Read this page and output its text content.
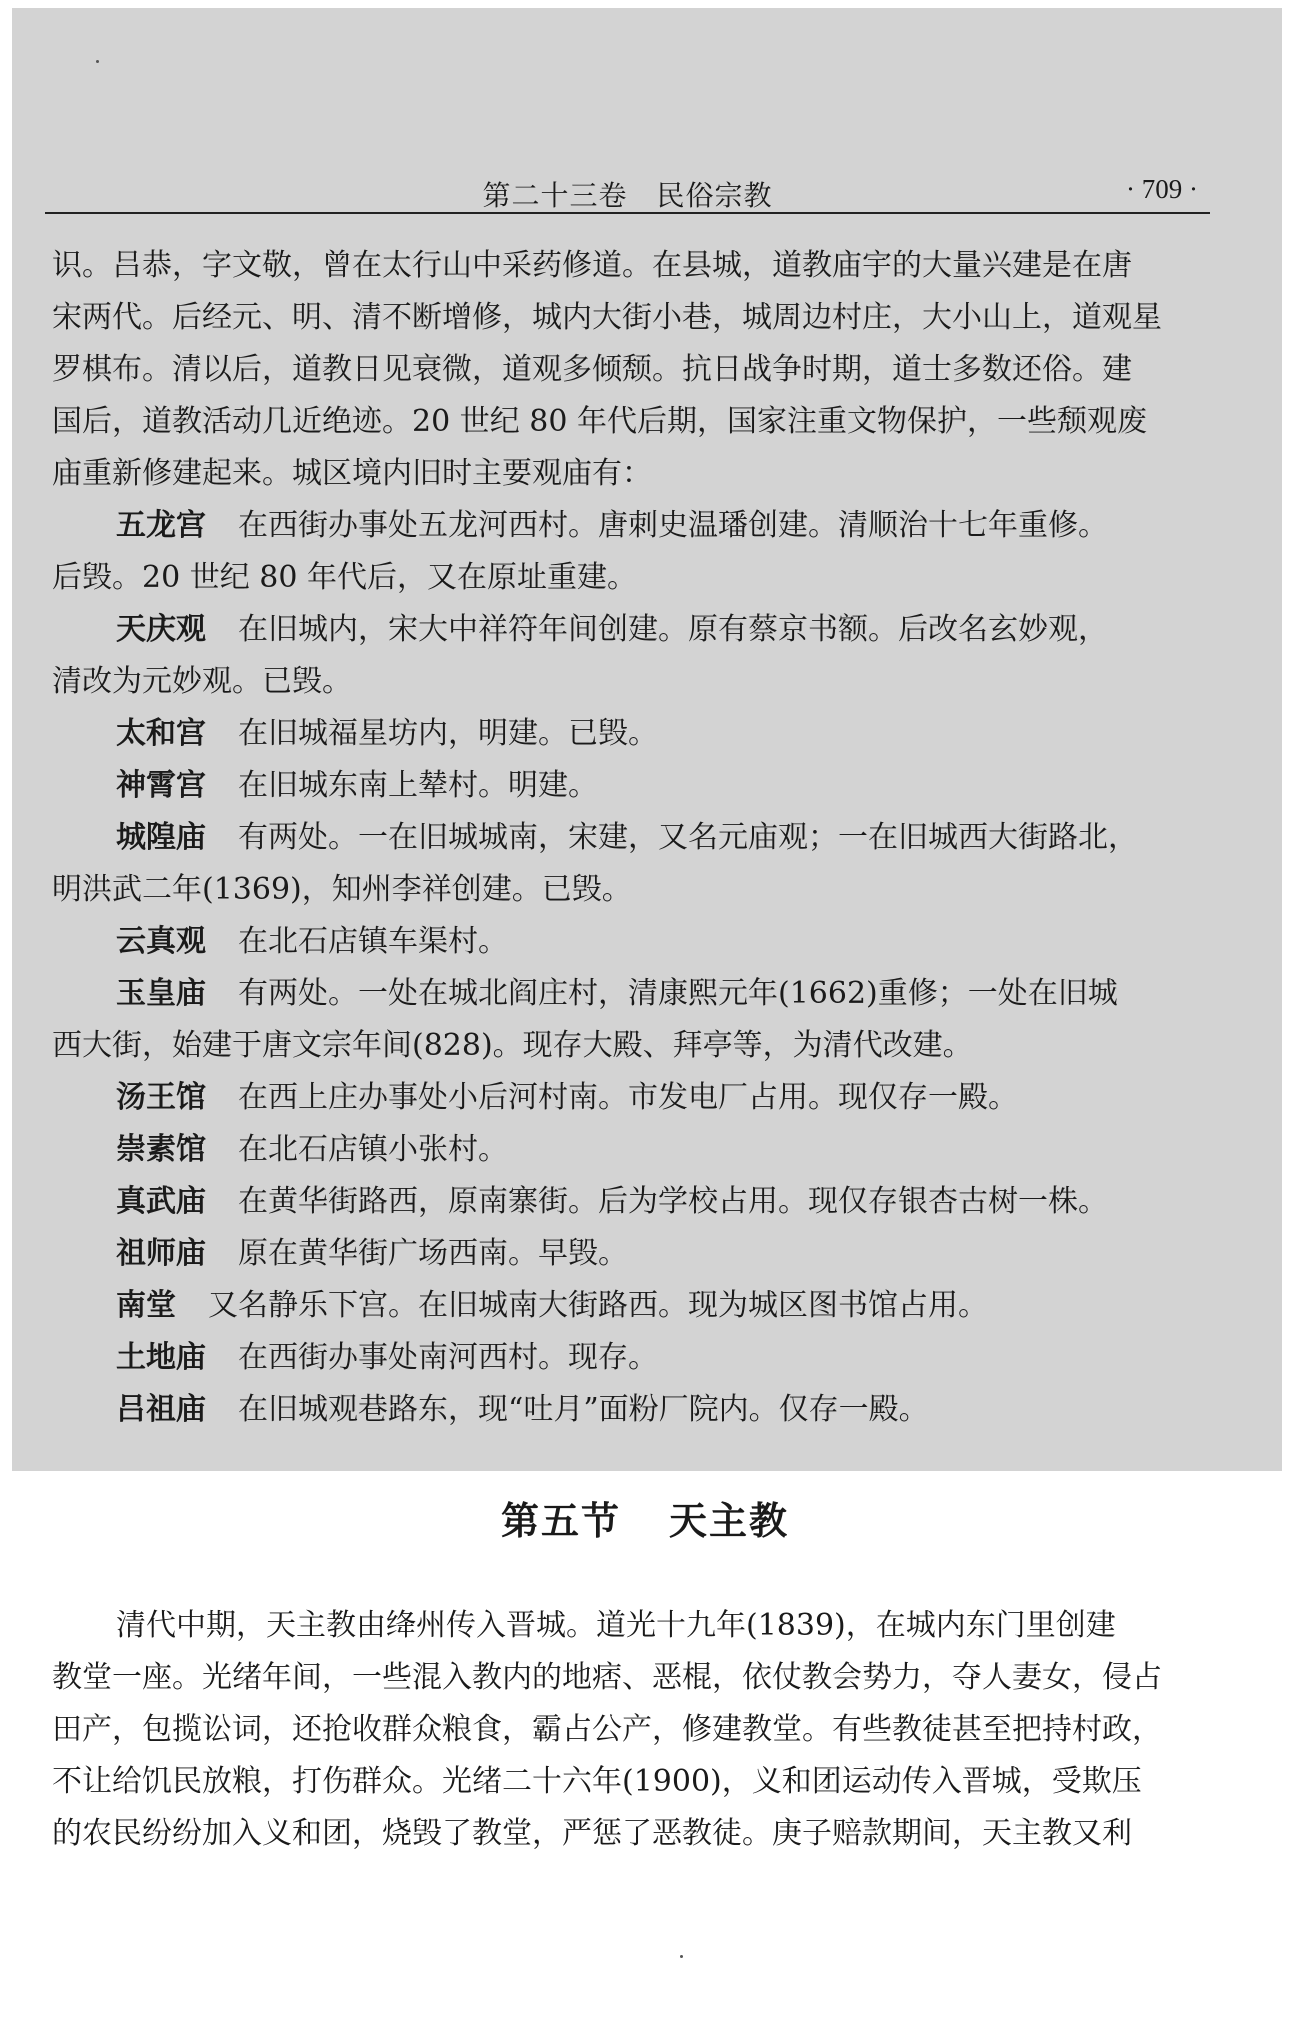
第二十三卷　民俗宗教	· 709 ·
识。吕恭，字文敬，曾在太行山中采药修道。在县城，道教庙宇的大量兴建是在唐
宋两代。后经元、明、清不断增修，城内大街小巷，城周边村庄，大小山上，道观星
罗棋布。清以后，道教日见衰微，道观多倾颓。抗日战争时期，道士多数还俗。建
国后，道教活动几近绝迹。20 世纪 80 年代后期，国家注重文物保护，一些颓观废
庙重新修建起来。城区境内旧时主要观庙有：
五龙宫 在西街办事处五龙河西村。唐刺史温璠创建。清顺治十七年重修。
后毁。20 世纪 80 年代后，又在原址重建。
天庆观 在旧城内，宋大中祥符年间创建。原有蔡京书额。后改名玄妙观，
清改为元妙观。已毁。
太和宫 在旧城福星坊内，明建。已毁。
神霄宫 在旧城东南上辇村。明建。
城隍庙 有两处。一在旧城城南，宋建，又名元庙观；一在旧城西大街路北，
明洪武二年(1369)，知州李祥创建。已毁。
云真观 在北石店镇车渠村。
玉皇庙 有两处。一处在城北阎庄村，清康熙元年(1662)重修；一处在旧城
西大街，始建于唐文宗年间(828)。现存大殿、拜亭等，为清代改建。
汤王馆 在西上庄办事处小后河村南。市发电厂占用。现仅存一殿。
崇素馆 在北石店镇小张村。
真武庙 在黄华街路西，原南寨街。后为学校占用。现仅存银杏古树一株。
祖师庙 原在黄华街广场西南。早毁。
南堂 又名静乐下宫。在旧城南大街路西。现为城区图书馆占用。
土地庙 在西街办事处南河西村。现存。
吕祖庙 在旧城观巷路东，现“吐月”面粉厂院内。仅存一殿。
第五节 天主教
清代中期，天主教由绛州传入晋城。道光十九年(1839)，在城内东门里创建
教堂一座。光绪年间，一些混入教内的地痞、恶棍，依仗教会势力，夺人妻女，侵占
田产，包揽讼词，还抢收群众粮食，霸占公产，修建教堂。有些教徒甚至把持村政，
不让给饥民放粮，打伤群众。光绪二十六年(1900)，义和团运动传入晋城，受欺压
的农民纷纷加入义和团，烧毁了教堂，严惩了恶教徒。庚子赔款期间，天主教又利
